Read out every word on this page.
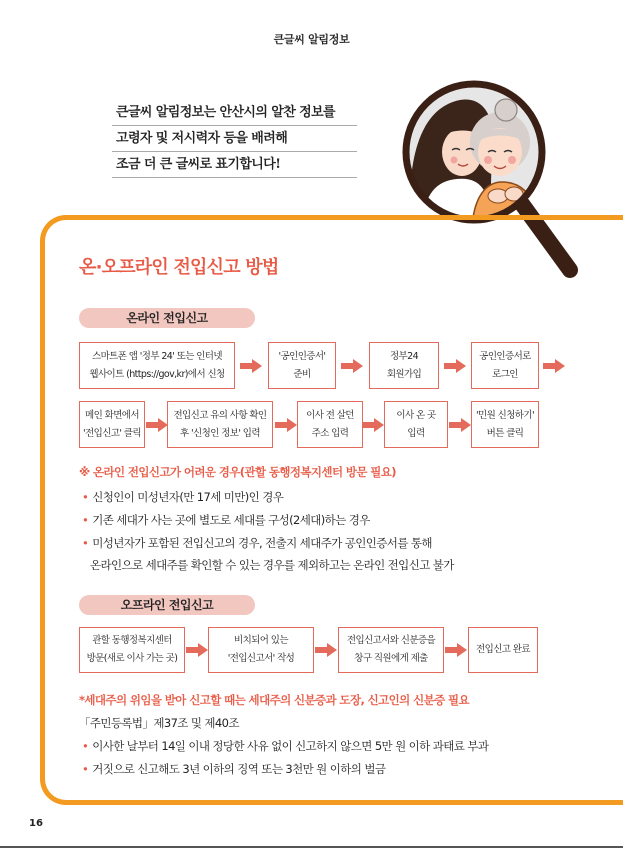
큰글씨 알림정보
큰글씨 알림정보는 안산시의 알찬 정보를
고령자 및 저시력자 등을 배려해
조금 더 큰 글씨로 표기합니다!
온·오프라인 전입신고 방법
온라인 전입신고
스마트폰 앱 '정부 24' 또는 인터넷
웹사이트 (https://gov,kr)에서 신청
'공인인증서'
준비
정부24
회원가입
공인인증서로
로그인
메인 화면에서
'전입신고' 클릭
전입신고 유의 사항 확인
후 '신청인 정보' 입력
이사 전 살던
주소 입력
이사 온 곳
입력
'민원 신청하기'
버튼 클릭
※ 온라인 전입신고가 어려운 경우(관할 동행정복지센터 방문 필요)
• 신청인이 미성년자(만 17세 미만)인 경우
• 기존 세대가 사는 곳에 별도로 세대를 구성(2세대)하는 경우
• 미성년자가 포함된 전입신고의 경우, 전출지 세대주가 공인인증서를 통해
온라인으로 세대주를 확인할 수 있는 경우를 제외하고는 온라인 전입신고 불가
오프라인 전입신고
관할 동행정복지센터
방문(새로 이사 가는 곳)
비치되어 있는
'전입신고서' 작성
전입신고서와 신분증을
창구 직원에게 제출
전입신고 완료
*세대주의 위임을 받아 신고할 때는 세대주의 신분증과 도장, 신고인의 신분증 필요
「주민등록법」제37조 및 제40조
• 이사한 날부터 14일 이내 정당한 사유 없이 신고하지 않으면 5만 원 이하 과태료 부과
• 거짓으로 신고해도 3년 이하의 징역 또는 3천만 원 이하의 벌금
16
